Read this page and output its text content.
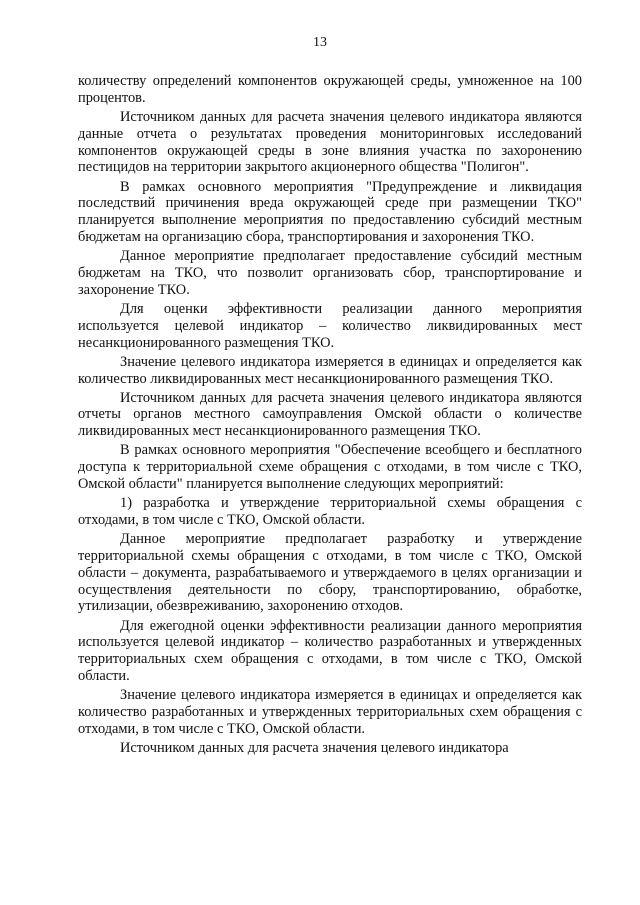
13

количеству определений компонентов окружающей среды, умноженное на 100 процентов.

Источником данных для расчета значения целевого индикатора являются данные отчета о результатах проведения мониторинговых исследований компонентов окружающей среды в зоне влияния участка по захоронению пестицидов на территории закрытого акционерного общества "Полигон".

В рамках основного мероприятия "Предупреждение и ликвидация последствий причинения вреда окружающей среде при размещении ТКО" планируется выполнение мероприятия по предоставлению субсидий местным бюджетам на организацию сбора, транспортирования и захоронения ТКО.

Данное мероприятие предполагает предоставление субсидий местным бюджетам на ТКО, что позволит организовать сбор, транспортирование и захоронение ТКО.

Для оценки эффективности реализации данного мероприятия используется целевой индикатор – количество ликвидированных мест несанкционированного размещения ТКО.

Значение целевого индикатора измеряется в единицах и определяется как количество ликвидированных мест несанкционированного размещения ТКО.

Источником данных для расчета значения целевого индикатора являются отчеты органов местного самоуправления Омской области о количестве ликвидированных мест несанкционированного размещения ТКО.

В рамках основного мероприятия "Обеспечение всеобщего и бесплатного доступа к территориальной схеме обращения с отходами, в том числе с ТКО, Омской области" планируется выполнение следующих мероприятий:

1) разработка и утверждение территориальной схемы обращения с отходами, в том числе с ТКО, Омской области.

Данное мероприятие предполагает разработку и утверждение территориальной схемы обращения с отходами, в том числе с ТКО, Омской области – документа, разрабатываемого и утверждаемого в целях организации и осуществления деятельности по сбору, транспортированию, обработке, утилизации, обезвреживанию, захоронению отходов.

Для ежегодной оценки эффективности реализации данного мероприятия используется целевой индикатор – количество разработанных и утвержденных территориальных схем обращения с отходами, в том числе с ТКО, Омской области.

Значение целевого индикатора измеряется в единицах и определяется как количество разработанных и утвержденных территориальных схем обращения с отходами, в том числе с ТКО, Омской области.

Источником данных для расчета значения целевого индикатора
